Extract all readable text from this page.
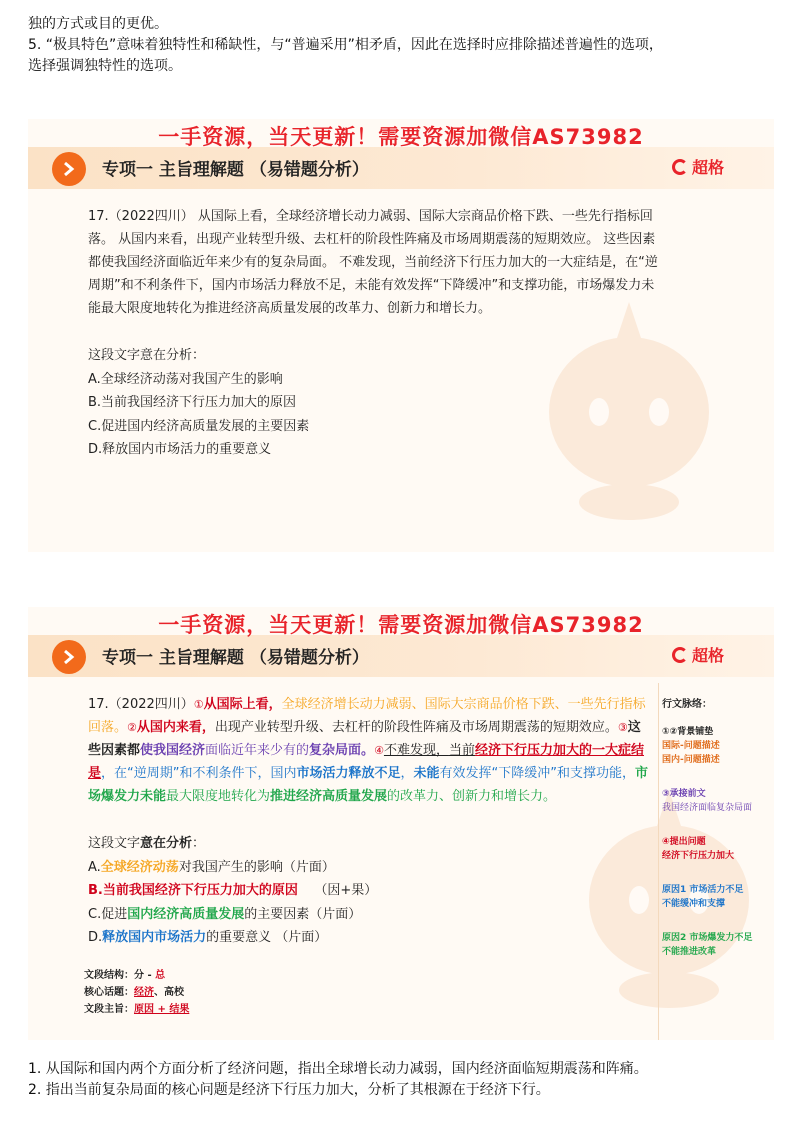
独的方式或目的更优。
5. “极具特色”意味着独特性和稀缺性，与“普遍采用”相矛盾，因此在选择时应排除描述普遍性的选项，
选择强调独特性的选项。
一手资源，当天更新！需要资源加微信AS73982
专项一 主旨理解题 （易错题分析）	超格
17.（2022四川） 从国际上看，全球经济增长动力减弱、国际大宗商品价格下跌、一些先行指标回落。 从国内来看，出现产业转型升级、去杠杆的阶段性阵痛及市场周期震荡的短期效应。 这些因素都使我国经济面临近年来少有的复杂局面。 不难发现，当前经济下行压力加大的一大症结是，在“逆周期”和不利条件下，国内市场活力释放不足，未能有效发挥“下降缓冲”和支撑功能，市场爆发力未能最大限度地转化为推进经济高质量发展的改革力、创新力和增长力。
这段文字意在分析：
A.全球经济动荡对我国产生的影响
B.当前我国经济下行压力加大的原因
C.促进国内经济高质量发展的主要因素
D.释放国内市场活力的重要意义
一手资源，当天更新！需要资源加微信AS73982
专项一 主旨理解题 （易错题分析）	超格
17.（2022四川）①从国际上看，全球经济增长动力减弱、国际大宗商品价格下跌、一些先行指标回落。②从国内来看，出现产业转型升级、去杠杆的阶段性阵痛及市场周期震荡的短期效应。③这些因素都使我国经济面临近年来少有的复杂局面。④不难发现，当前经济下行压力加大的一大症结是，在“逆周期”和不利条件下，国内市场活力释放不足，未能有效发挥“下降缓冲”和支撑功能，市场爆发力未能最大限度地转化为推进经济高质量发展的改革力、创新力和增长力。
这段文字意在分析：
A.全球经济动荡对我国产生的影响（片面）
B.当前我国经济下行压力加大的原因 （因+果）
C.促进国内经济高质量发展的主要因素（片面）
D.释放国内市场活力的重要意义 （片面）
文段结构：分 - 总
核心话题：经济、高校
文段主旨：原因 + 结果
行文脉络：
①②背景铺垫
国际-问题描述
国内-问题描述
③承接前文
我国经济面临复杂局面
④提出问题
经济下行压力加大
原因1 市场活力不足
不能缓冲和支撑
原因2 市场爆发力不足
不能推进改革
1. 从国际和国内两个方面分析了经济问题，指出全球增长动力减弱，国内经济面临短期震荡和阵痛。
2. 指出当前复杂局面的核心问题是经济下行压力加大，分析了其根源在于经济下行。
